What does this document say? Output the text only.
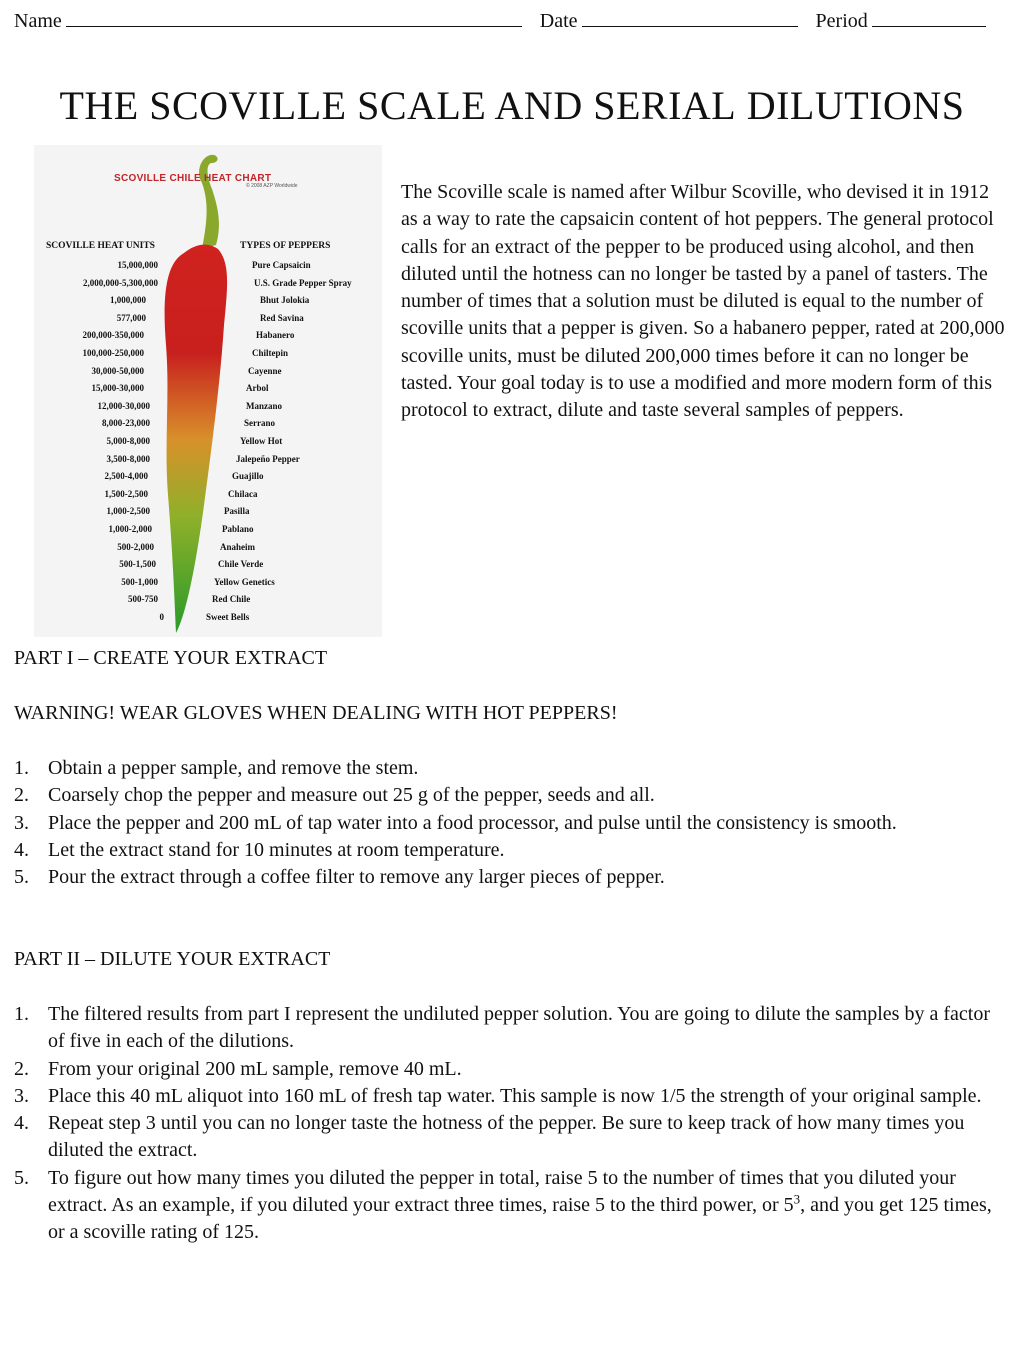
Name	Date	Period
THE SCOVILLE SCALE AND SERIAL DILUTIONS
SCOVILLE CHILE HEAT CHART
© 2008 AZP Worldwide
SCOVILLE HEAT UNITS	TYPES OF PEPPERS
15,000,000	Pure Capsaicin
2,000,000-5,300,000	U.S. Grade Pepper Spray
1,000,000	Bhut Jolokia
577,000	Red Savina
200,000-350,000	Habanero
100,000-250,000	Chiltepin
30,000-50,000	Cayenne
15,000-30,000	Arbol
12,000-30,000	Manzano
8,000-23,000	Serrano
5,000-8,000	Yellow Hot
3,500-8,000	Jalepeño Pepper
2,500-4,000	Guajillo
1,500-2,500	Chilaca
1,000-2,500	Pasilla
1,000-2,000	Pablano
500-2,000	Anaheim
500-1,500	Chile Verde
500-1,000	Yellow Genetics
500-750	Red Chile
0	Sweet Bells
The Scoville scale is named after Wilbur Scoville, who devised it in 1912 as a way to rate the capsaicin content of hot peppers. The general protocol calls for an extract of the pepper to be produced using alcohol, and then diluted until the hotness can no longer be tasted by a panel of tasters. The number of times that a solution must be diluted is equal to the number of scoville units that a pepper is given. So a habanero pepper, rated at 200,000 scoville units, must be diluted 200,000 times before it can no longer be tasted. Your goal today is to use a modified and more modern form of this protocol to extract, dilute and taste several samples of peppers.
PART I – CREATE YOUR EXTRACT
WARNING! WEAR GLOVES WHEN DEALING WITH HOT PEPPERS!
1. Obtain a pepper sample, and remove the stem.
2. Coarsely chop the pepper and measure out 25 g of the pepper, seeds and all.
3. Place the pepper and 200 mL of tap water into a food processor, and pulse until the consistency is smooth.
4. Let the extract stand for 10 minutes at room temperature.
5. Pour the extract through a coffee filter to remove any larger pieces of pepper.
PART II – DILUTE YOUR EXTRACT
1. The filtered results from part I represent the undiluted pepper solution. You are going to dilute the samples by a factor of five in each of the dilutions.
2. From your original 200 mL sample, remove 40 mL.
3. Place this 40 mL aliquot into 160 mL of fresh tap water. This sample is now 1/5 the strength of your original sample.
4. Repeat step 3 until you can no longer taste the hotness of the pepper. Be sure to keep track of how many times you diluted the extract.
5. To figure out how many times you diluted the pepper in total, raise 5 to the number of times that you diluted your extract. As an example, if you diluted your extract three times, raise 5 to the third power, or $5^3$, and you get 125 times, or a scoville rating of 125.
